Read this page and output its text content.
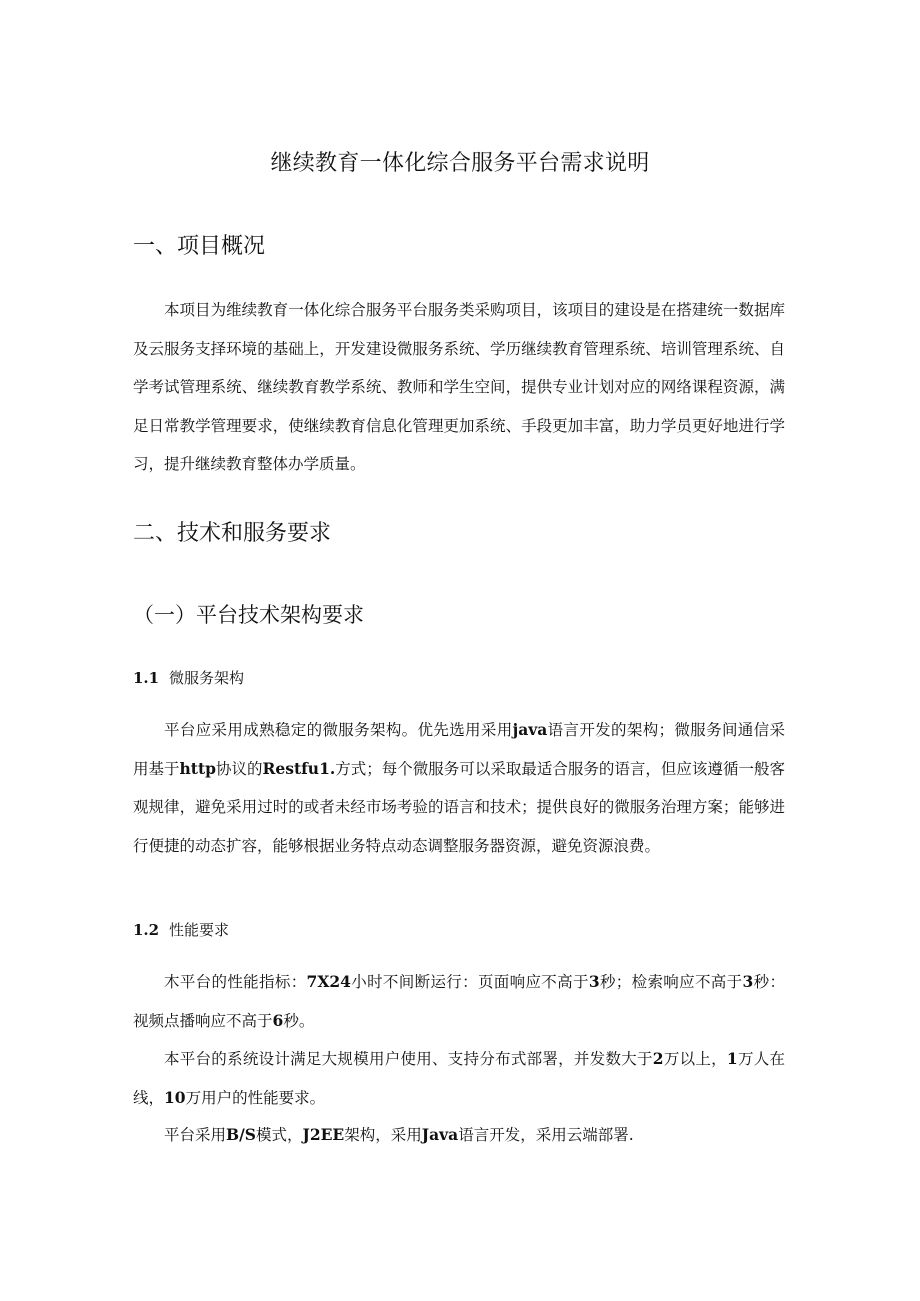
继续教育一体化综合服务平台需求说明
一、项目概况

本项目为维续教育一体化综合服务平台服务类采购项目，该项目的建设是在搭建统一数据库及云服务支择环境的基础上，开发建设微服务系统、学历继续教育管理系统、培训管理系统、自学考试管理系统、继续教育教学系统、教师和学生空间，提供专业计划对应的网络课程资源，满足日常教学管理要求，使继续教育信息化管理更加系统、手段更加丰富，助力学员更好地进行学习，提升继续教育整体办学质量。

二、技术和服务要求
（一）平台技术架构要求
1.1 微服务架构

平台应采用成熟稳定的微服务架构。优先选用采用java语言开发的架构；微服务间通信采用基于http协议的Restfu1.方式；每个微服务可以采取最适合服务的语言，但应该遵循一般客观规律，避免采用过时的或者未经市场考验的语言和技术；提供良好的微服务治理方案；能够进行便捷的动态扩容，能够根据业务特点动态调整服务器资源，避免资源浪费。

1.2 性能要求

木平台的性能指标：7X24小时不间断运行：页面响应不高于3秒；检索响应不高于3秒：视频点播响应不高于6秒。

本平台的系统设计满足大规模用户使用、支持分布式部署，并发数大于2万以上，1万人在线，10万用户的性能要求。

平台采用B/S模式，J2EE架构，采用Java语言开发，采用云端部署.
